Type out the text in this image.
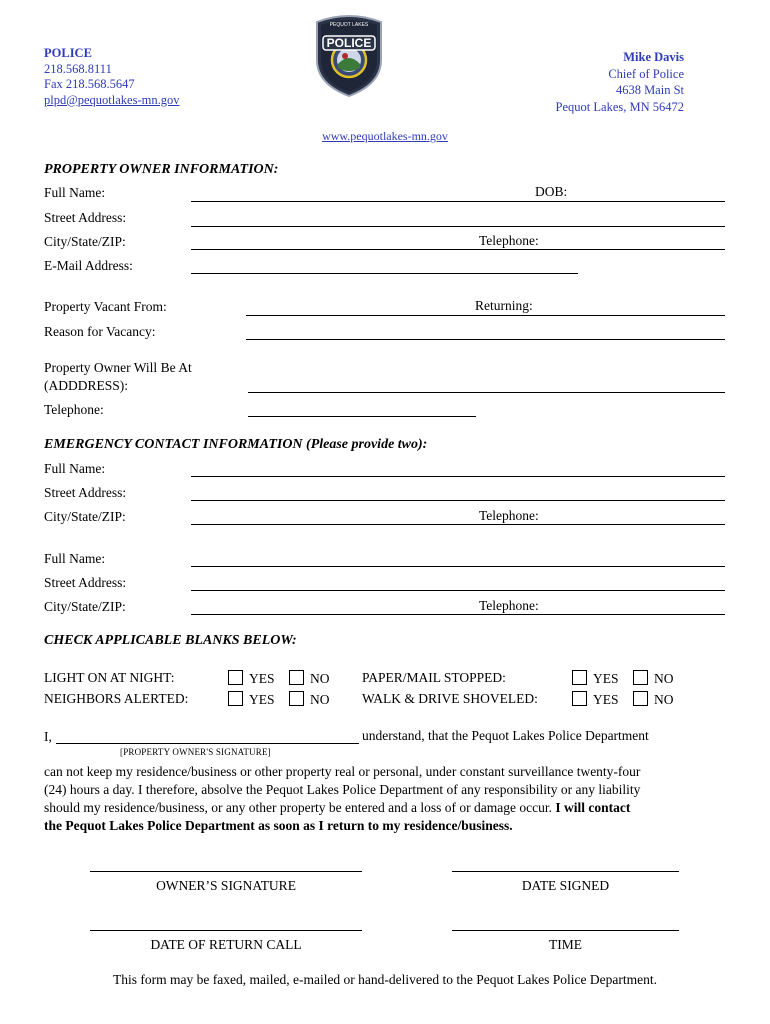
POLICE
218.568.8111
Fax 218.568.5647
plpd@pequotlakes-mn.gov
POLICE
PEQUOT LAKES
Mike Davis
Chief of Police
4638 Main St
Pequot Lakes, MN 56472
www.pequotlakes-mn.gov
PROPERTY OWNER INFORMATION:
Full Name:	DOB:
Street Address:
City/State/ZIP:	Telephone:
E-Mail Address:
Property Vacant From:	Returning:
Reason for Vacancy:
Property Owner Will Be At
(ADDDRESS):
Telephone:
EMERGENCY CONTACT INFORMATION (Please provide two):
Full Name:
Street Address:
City/State/ZIP:	Telephone:
Full Name:
Street Address:
City/State/ZIP:	Telephone:
CHECK APPLICABLE BLANKS BELOW:
LIGHT ON AT NIGHT:	YES	NO PAPER/MAIL STOPPED:	YES	NO
NEIGHBORS ALERTED:	YES	NO WALK & DRIVE SHOVELED:	YES	NO
I,	understand, that the Pequot Lakes Police Department
[PROPERTY OWNER'S SIGNATURE]
can not keep my residence/business or other property real or personal, under constant surveillance twenty-four
(24) hours a day. I therefore, absolve the Pequot Lakes Police Department of any responsibility or any liability
should my residence/business, or any other property be entered and a loss of or damage occur. I will contact
the Pequot Lakes Police Department as soon as I return to my residence/business.
OWNER’S SIGNATURE	DATE SIGNED
DATE OF RETURN CALL	TIME
This form may be faxed, mailed, e-mailed or hand-delivered to the Pequot Lakes Police Department.
